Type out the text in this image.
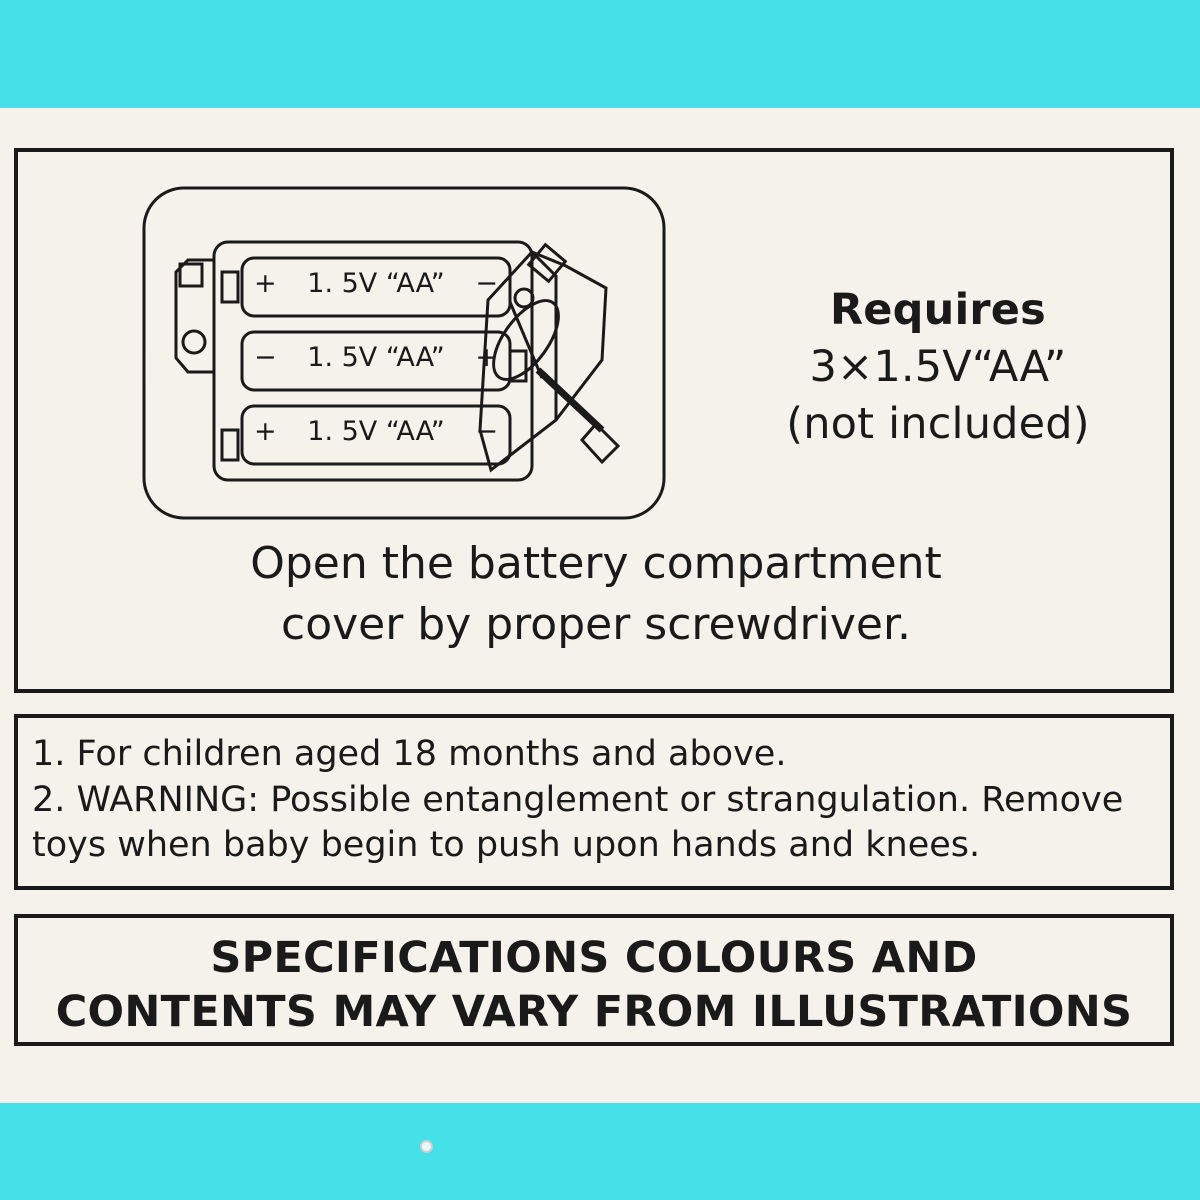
Requires
3×1.5V“AA”
(not included)
+ 1. 5V “AA” −
− 1. 5V “AA” +
+ 1. 5V “AA” −
Open the battery compartment
cover by proper screwdriver.
1. For children aged 18 months and above.
2. WARNING: Possible entanglement or strangulation. Remove
toys when baby begin to push upon hands and knees.
SPECIFICATIONS COLOURS AND
CONTENTS MAY VARY FROM ILLUSTRATIONS
